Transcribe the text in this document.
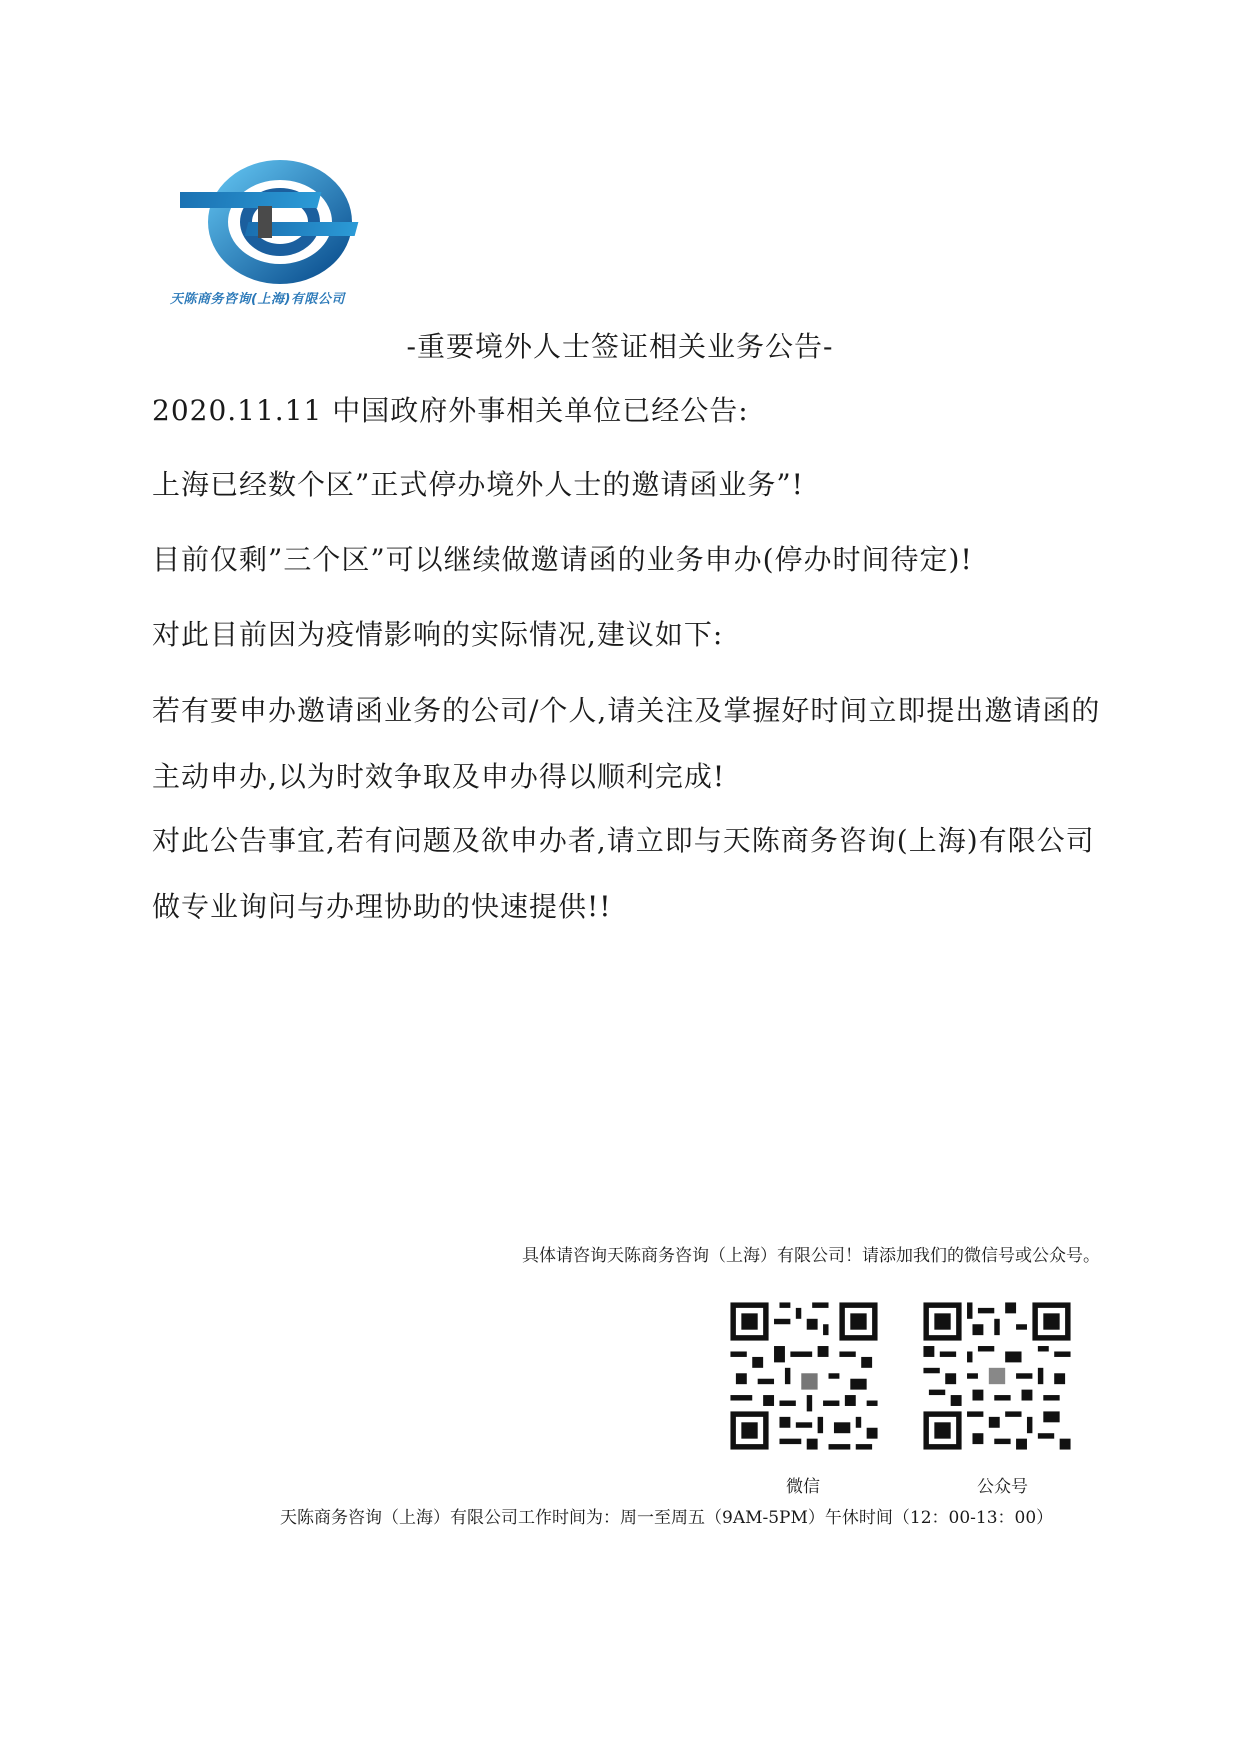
天陈商务咨询(上海)有限公司
-重要境外人士签证相关业务公告-
2020.11.11 中国政府外事相关单位已经公告:
上海已经数个区”正式停办境外人士的邀请函业务”!
目前仅剩”三个区”可以继续做邀请函的业务申办(停办时间待定)!
对此目前因为疫情影响的实际情况,建议如下:
若有要申办邀请函业务的公司/个人,请关注及掌握好时间立即提出邀请函的主动申办,以为时效争取及申办得以顺利完成!
对此公告事宜,若有问题及欲申办者,请立即与天陈商务咨询(上海)有限公司做专业询问与办理协助的快速提供!!
具体请咨询天陈商务咨询（上海）有限公司！请添加我们的微信号或公众号。
微信	公众号
天陈商务咨询（上海）有限公司工作时间为：周一至周五（9AM-5PM）午休时间（12：00-13：00）
